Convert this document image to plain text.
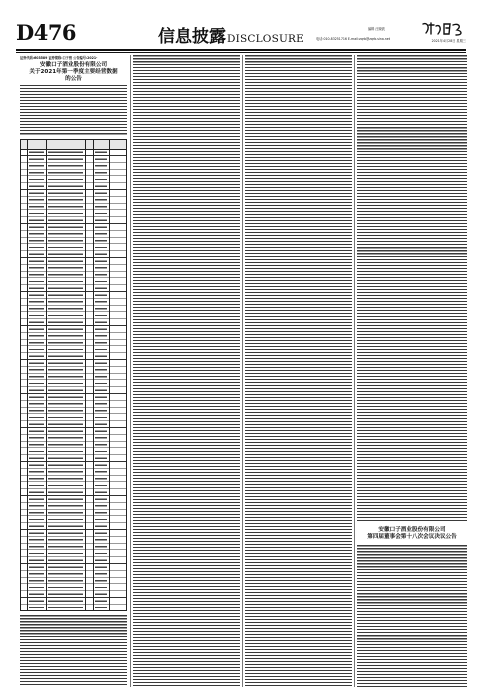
D476	信息披露DISCLOSURE
编辑 汪晓波
电话:010-83251716 E-mail:zqrb@zqrb.sina.net	2021年4月28日 星期三
证券代码:603589 证券简称:口子窖 公告编号:2021-
安徽口子酒业股份有限公司
关于2021年第一季度主要经营数据
的公告
安徽口子酒业股份有限公司
第四届董事会第十八次会议决议公告
